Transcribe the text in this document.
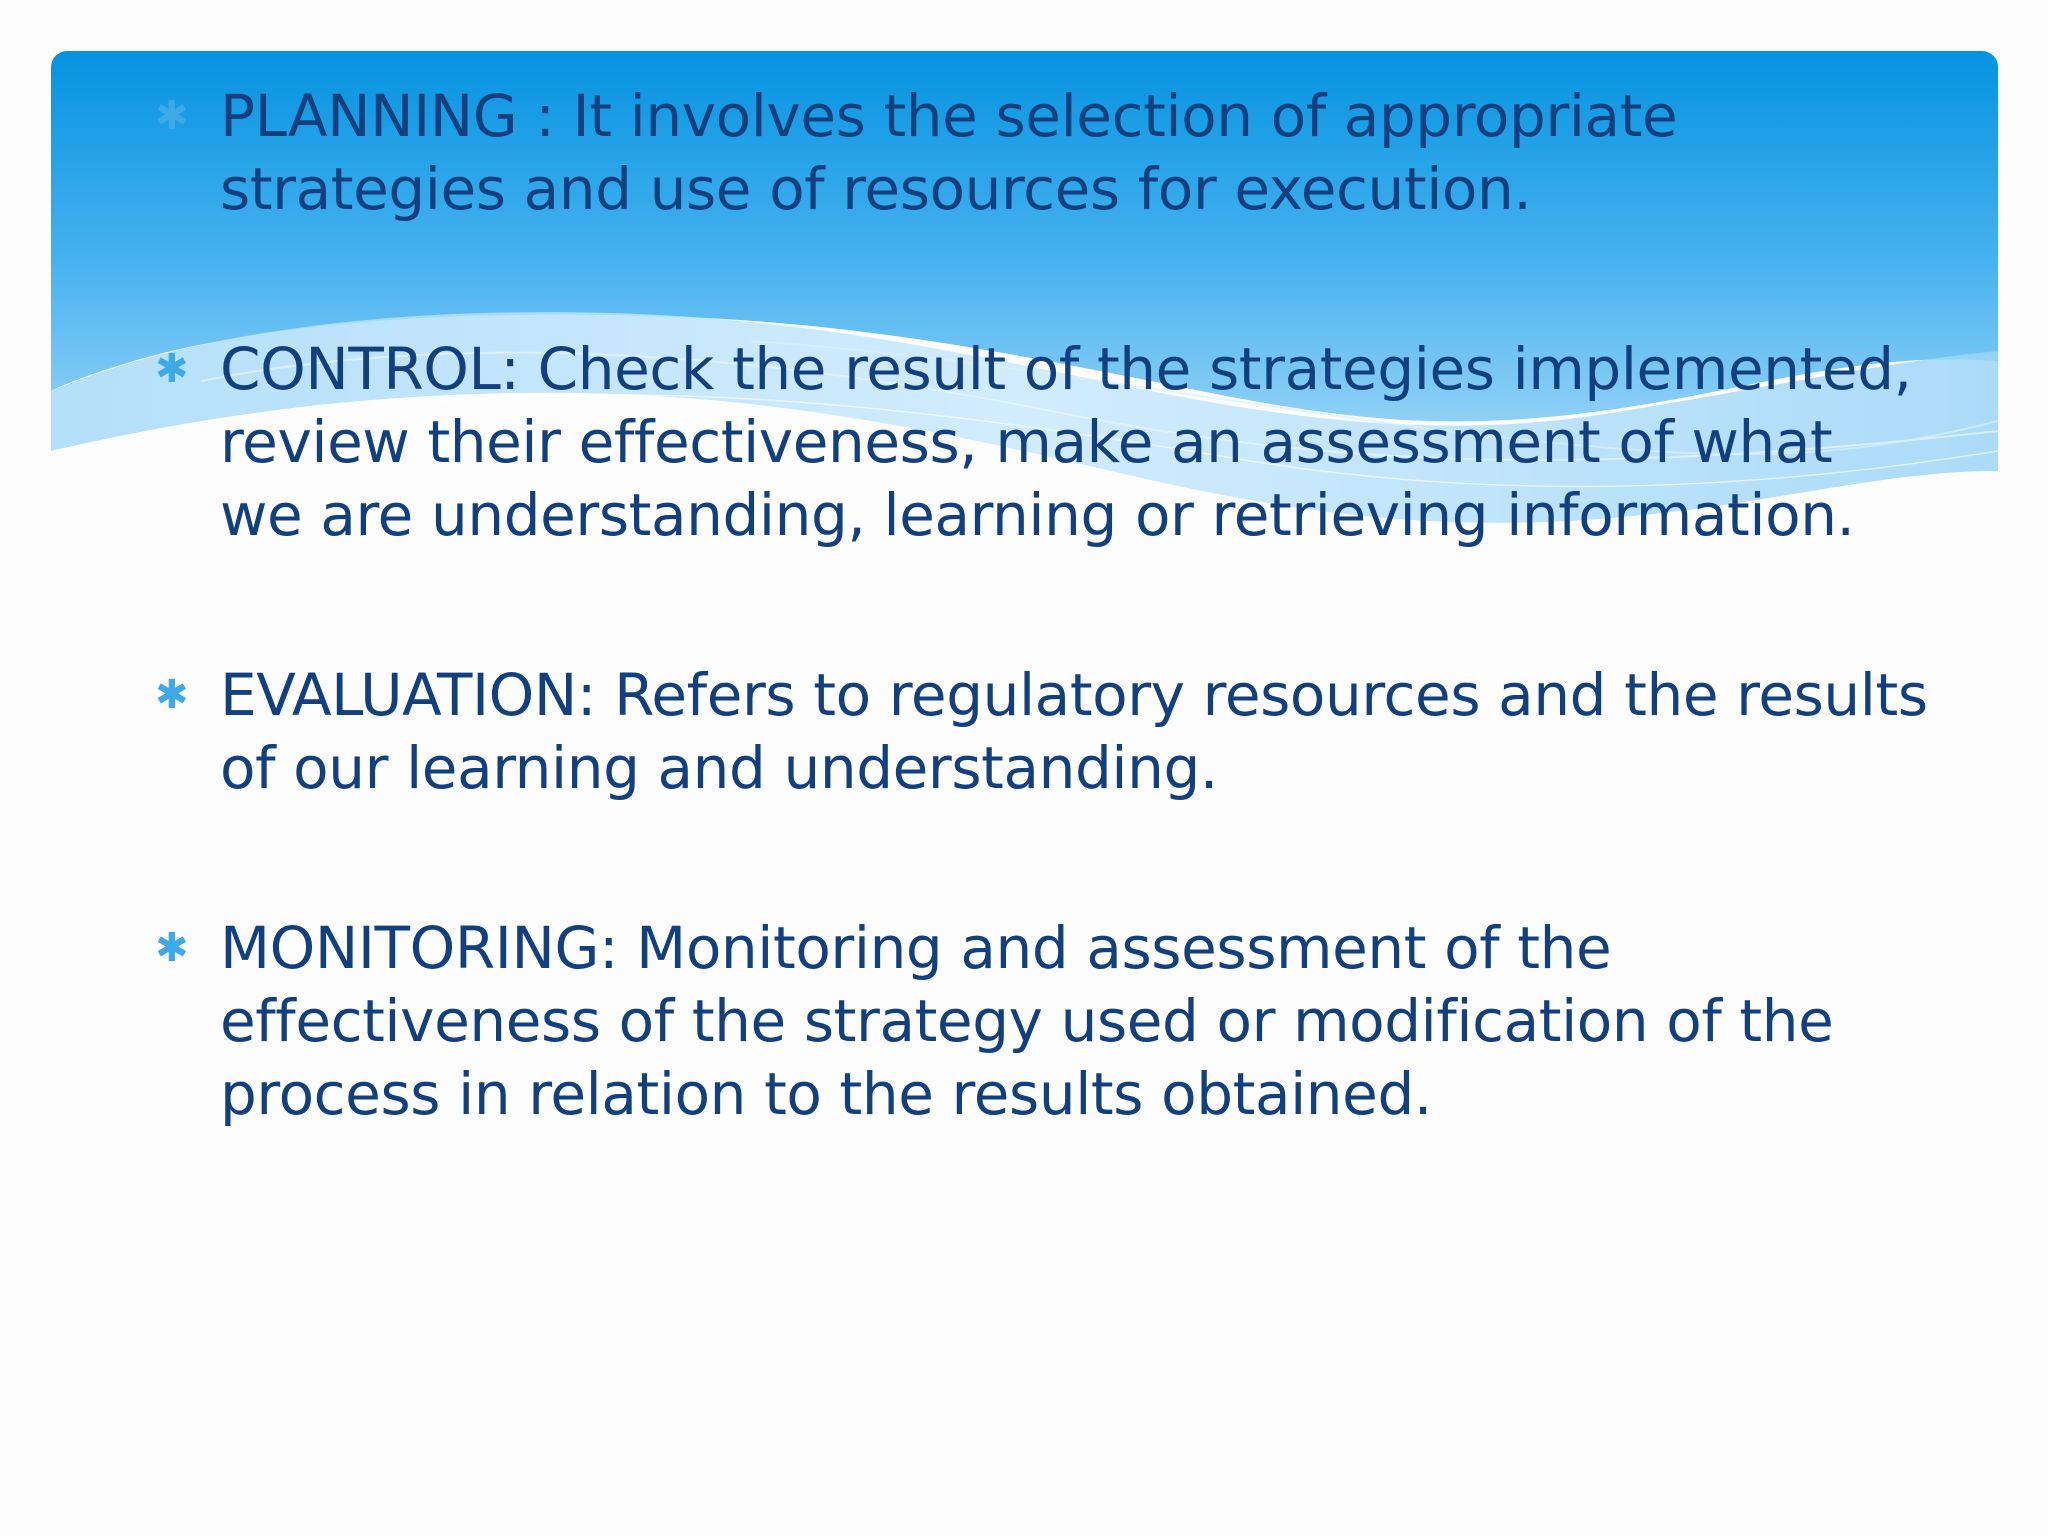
✱ PLANNING : It involves the selection of appropriate strategies and use of resources for execution.
✱ CONTROL: Check the result of the strategies implemented, review their effectiveness, make an assessment of what we are understanding, learning or retrieving information.
✱ EVALUATION: Refers to regulatory resources and the results of our learning and understanding.
✱ MONITORING: Monitoring and assessment of the effectiveness of the strategy used or modification of the process in relation to the results obtained.
